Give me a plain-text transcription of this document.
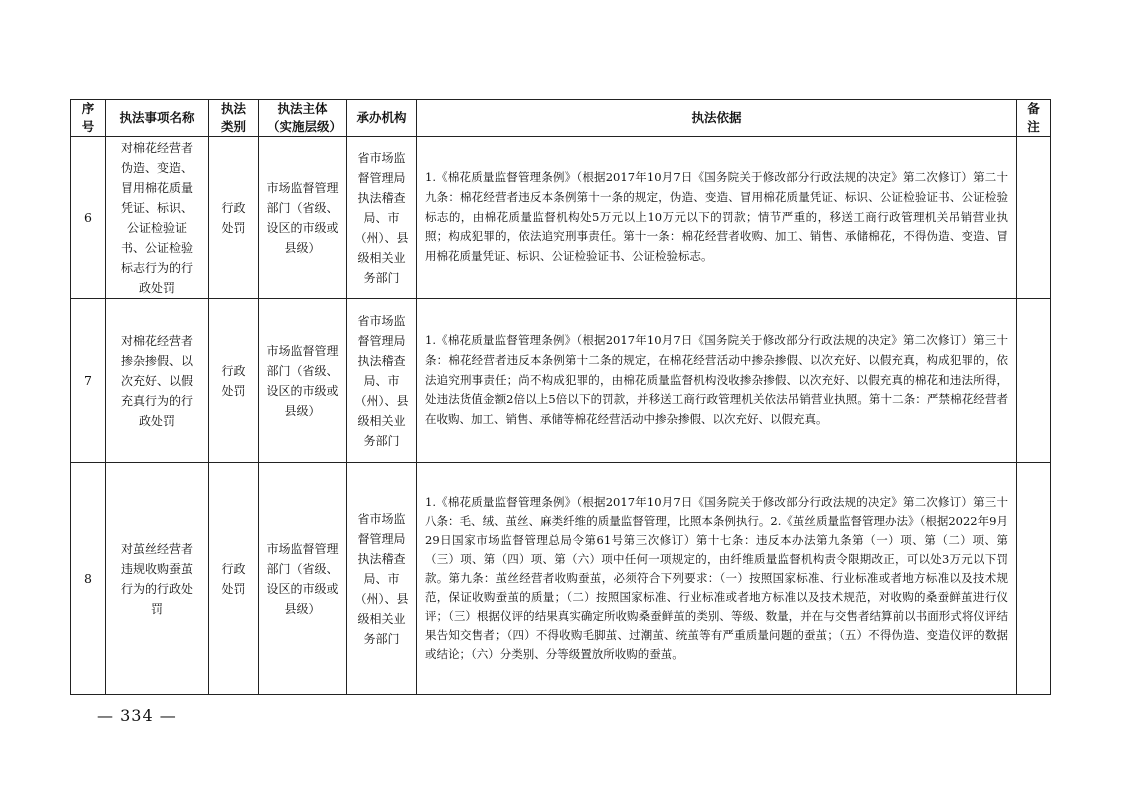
序号	执法事项名称	执法类别	执法主体（实施层级）	承办机构	执法依据	备注
6	对棉花经营者伪造、变造、冒用棉花质量凭证、标识、公证检验证书、公证检验标志行为的行政处罚	行政处罚	市场监督管理部门（省级、设区的市级或县级）	省市场监督管理局执法稽查局、市（州）、县级相关业务部门	1.《棉花质量监督管理条例》（根据2017年10月7日《国务院关于修改部分行政法规的决定》第二次修订）第二十九条：棉花经营者违反本条例第十一条的规定，伪造、变造、冒用棉花质量凭证、标识、公证检验证书、公证检验标志的，由棉花质量监督机构处5万元以上10万元以下的罚款；情节严重的，移送工商行政管理机关吊销营业执照；构成犯罪的，依法追究刑事责任。第十一条：棉花经营者收购、加工、销售、承储棉花，不得伪造、变造、冒用棉花质量凭证、标识、公证检验证书、公证检验标志。	
7	对棉花经营者掺杂掺假、以次充好、以假充真行为的行政处罚	行政处罚	市场监督管理部门（省级、设区的市级或县级）	省市场监督管理局执法稽查局、市（州）、县级相关业务部门	1.《棉花质量监督管理条例》（根据2017年10月7日《国务院关于修改部分行政法规的决定》第二次修订）第三十条：棉花经营者违反本条例第十二条的规定，在棉花经营活动中掺杂掺假、以次充好、以假充真，构成犯罪的，依法追究刑事责任；尚不构成犯罪的，由棉花质量监督机构没收掺杂掺假、以次充好、以假充真的棉花和违法所得，处违法货值金额2倍以上5倍以下的罚款，并移送工商行政管理机关依法吊销营业执照。第十二条：严禁棉花经营者在收购、加工、销售、承储等棉花经营活动中掺杂掺假、以次充好、以假充真。	
8	对茧丝经营者违规收购蚕茧行为的行政处罚	行政处罚	市场监督管理部门（省级、设区的市级或县级）	省市场监督管理局执法稽查局、市（州）、县级相关业务部门	1.《棉花质量监督管理条例》（根据2017年10月7日《国务院关于修改部分行政法规的决定》第二次修订）第三十八条：毛、绒、茧丝、麻类纤维的质量监督管理，比照本条例执行。2.《茧丝质量监督管理办法》（根据2022年9月29日国家市场监督管理总局令第61号第三次修订）第十七条：违反本办法第九条第（一）项、第（二）项、第（三）项、第（四）项、第（六）项中任何一项规定的，由纤维质量监督机构责令限期改正，可以处3万元以下罚款。第九条：茧丝经营者收购蚕茧，必须符合下列要求：（一）按照国家标准、行业标准或者地方标准以及技术规范，保证收购蚕茧的质量；（二）按照国家标准、行业标准或者地方标准以及技术规范，对收购的桑蚕鲜茧进行仪评；（三）根据仪评的结果真实确定所收购桑蚕鲜茧的类别、等级、数量，并在与交售者结算前以书面形式将仪评结果告知交售者；（四）不得收购毛脚茧、过潮茧、统茧等有严重质量问题的蚕茧；（五）不得伪造、变造仪评的数据或结论；（六）分类别、分等级置放所收购的蚕茧。	
— 334 —
